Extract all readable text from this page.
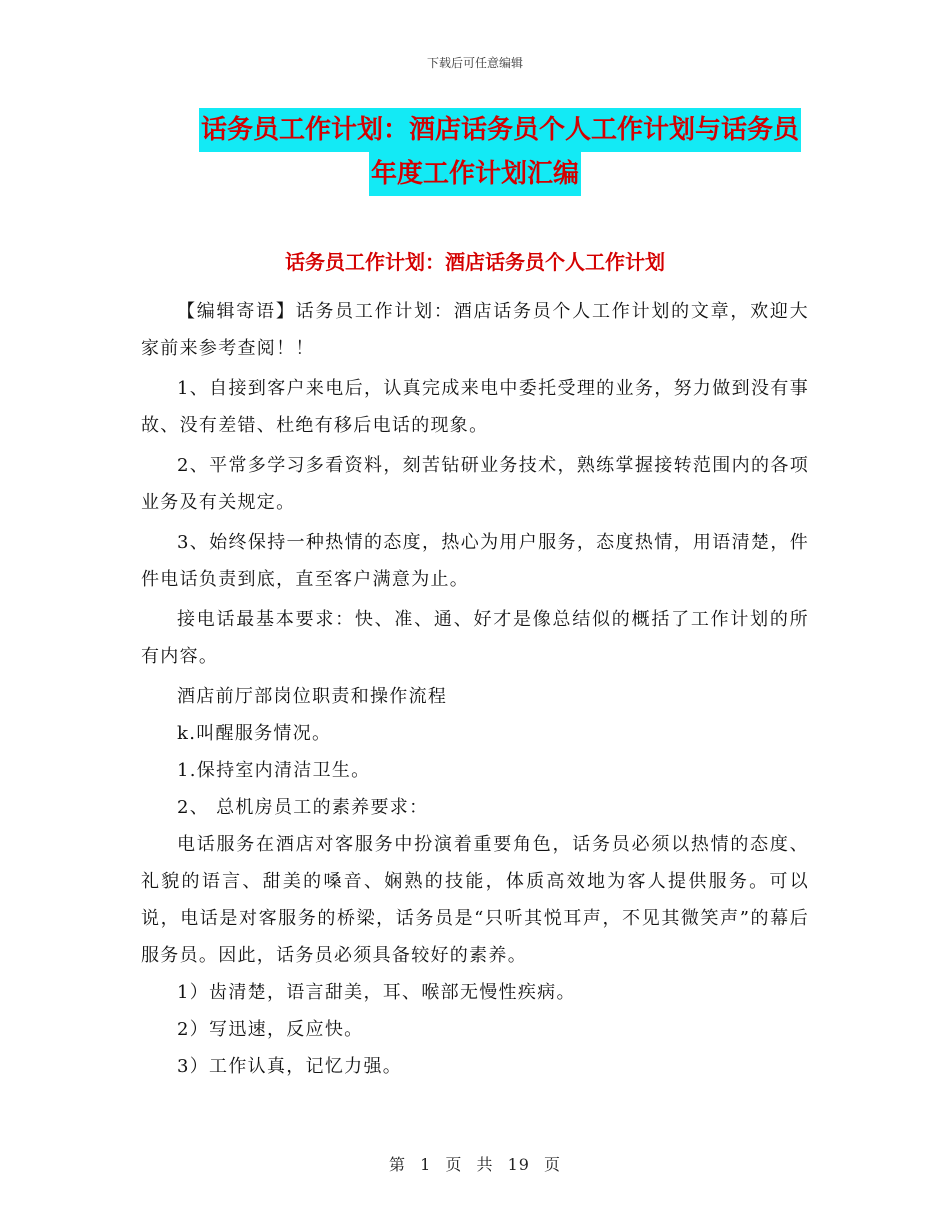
下载后可任意编辑
话务员工作计划：酒店话务员个人工作计划与话务员
年度工作计划汇编
话务员工作计划：酒店话务员个人工作计划

【编辑寄语】话务员工作计划：酒店话务员个人工作计划的文章，欢迎大家前来参考查阅！！

1、自接到客户来电后，认真完成来电中委托受理的业务，努力做到没有事故、没有差错、杜绝有移后电话的现象。

2、平常多学习多看资料，刻苦钻研业务技术，熟练掌握接转范围内的各项业务及有关规定。

3、始终保持一种热情的态度，热心为用户服务，态度热情，用语清楚，件件电话负责到底，直至客户满意为止。

接电话最基本要求：快、准、通、好才是像总结似的概括了工作计划的所有内容。

酒店前厅部岗位职责和操作流程

k.叫醒服务情况。

1.保持室内清洁卫生。

2、 总机房员工的素养要求：

电话服务在酒店对客服务中扮演着重要角色，话务员必须以热情的态度、礼貌的语言、甜美的嗓音、娴熟的技能，体质高效地为客人提供服务。可以说，电话是对客服务的桥梁，话务员是“只听其悦耳声，不见其微笑声”的幕后服务员。因此，话务员必须具备较好的素养。

1）齿清楚，语言甜美，耳、喉部无慢性疾病。

2）写迅速，反应快。

3）工作认真，记忆力强。

第 1 页 共 19 页
